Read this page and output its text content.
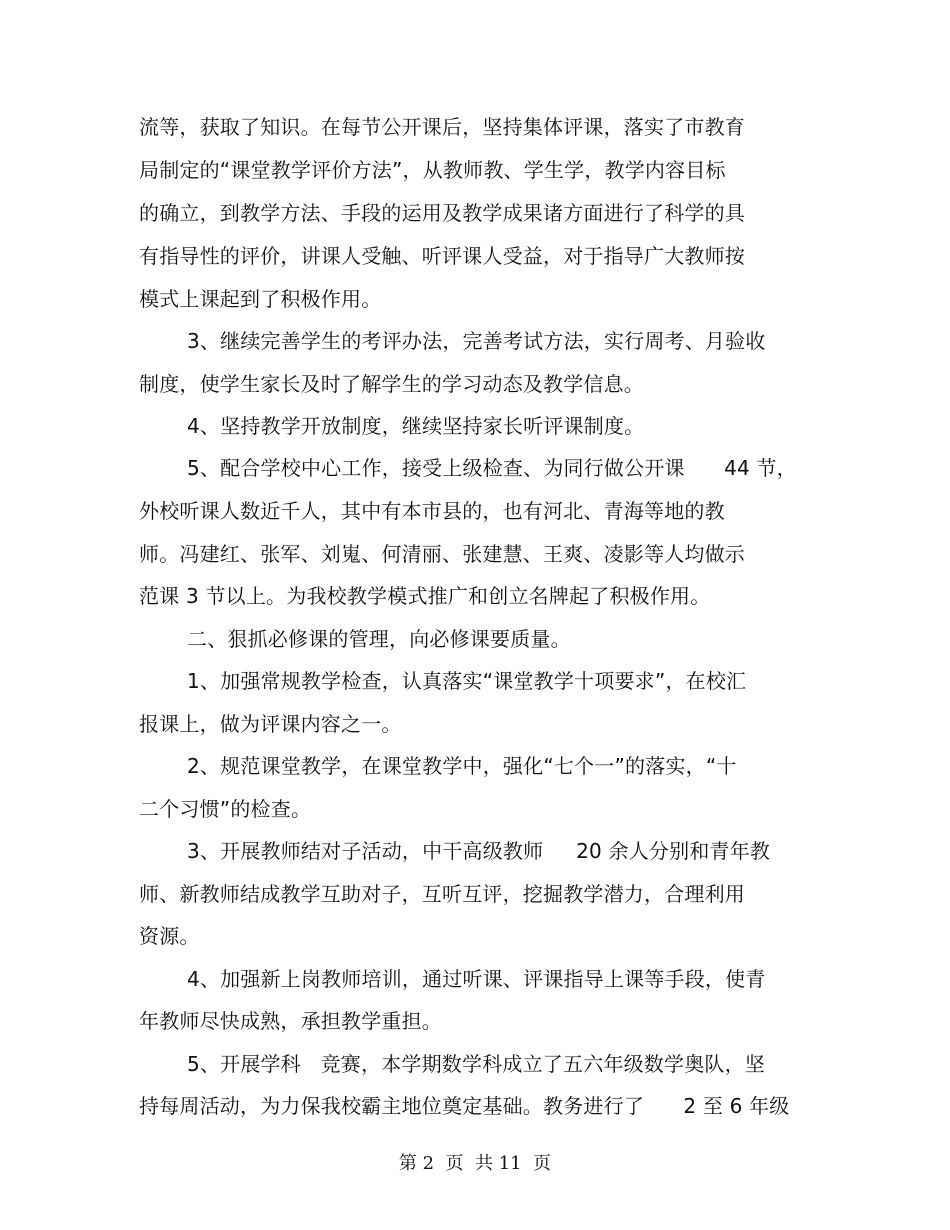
流等，获取了知识。在每节公开课后，坚持集体评课，落实了市教育
局制定的“课堂教学评价方法”，从教师教、学生学，教学内容目标
的确立，到教学方法、手段的运用及教学成果诸方面进行了科学的具
有指导性的评价，讲课人受触、听评课人受益，对于指导广大教师按
模式上课起到了积极作用。
3、继续完善学生的考评办法，完善考试方法，实行周考、月验收
制度，使学生家长及时了解学生的学习动态及教学信息。
4、坚持教学开放制度，继续坚持家长听评课制度。
5、配合学校中心工作，接受上级检查、为同行做公开课      44 节，
外校听课人数近千人，其中有本市县的，也有河北、青海等地的教
师。冯建红、张军、刘嵬、何清丽、张建慧、王爽、凌影等人均做示
范课 3 节以上。为我校教学模式推广和创立名牌起了积极作用。
二、狠抓必修课的管理，向必修课要质量。
1、加强常规教学检查，认真落实“课堂教学十项要求”，在校汇
报课上，做为评课内容之一。
2、规范课堂教学，在课堂教学中，强化“七个一”的落实，“十
二个习惯”的检查。
3、开展教师结对子活动，中干高级教师     20 余人分别和青年教
师、新教师结成教学互助对子，互听互评，挖掘教学潜力，合理利用
资源。
4、加强新上岗教师培训，通过听课、评课指导上课等手段，使青
年教师尽快成熟，承担教学重担。
5、开展学科   竞赛，本学期数学科成立了五六年级数学奥队，坚
持每周活动，为力保我校霸主地位奠定基础。教务进行了      2 至 6 年级
第 2  页  共 11  页
